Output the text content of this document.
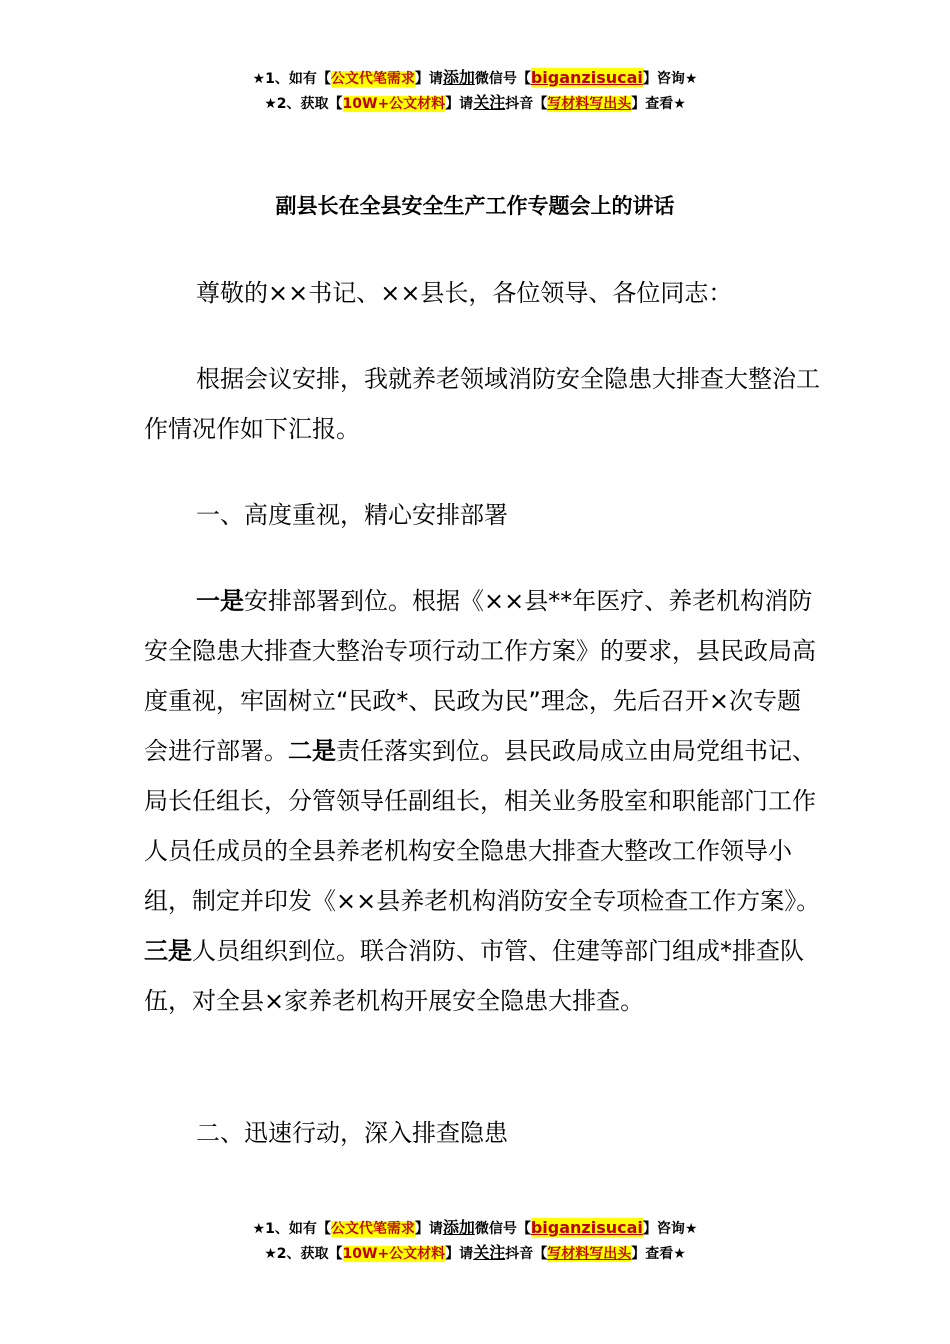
★1、如有【公文代笔需求】请添加微信号【biganzisucai】咨询★
★2、获取【10W+公文材料】请关注抖音【写材料写出头】查看★
副县长在全县安全生产工作专题会上的讲话
尊敬的××书记、××县长，各位领导、各位同志：
根据会议安排，我就养老领域消防安全隐患大排查大整治工作情况作如下汇报。
一、高度重视，精心安排部署
一是安排部署到位。根据《××县**年医疗、养老机构消防安全隐患大排查大整治专项行动工作方案》的要求，县民政局高度重视，牢固树立“民政*、民政为民”理念，先后召开×次专题会进行部署。二是责任落实到位。县民政局成立由局党组书记、局长任组长，分管领导任副组长，相关业务股室和职能部门工作人员任成员的全县养老机构安全隐患大排查大整改工作领导小组，制定并印发《××县养老机构消防安全专项检查工作方案》。三是人员组织到位。联合消防、市管、住建等部门组成*排查队伍，对全县×家养老机构开展安全隐患大排查。
二、迅速行动，深入排查隐患
★1、如有【公文代笔需求】请添加微信号【biganzisucai】咨询★
★2、获取【10W+公文材料】请关注抖音【写材料写出头】查看★
